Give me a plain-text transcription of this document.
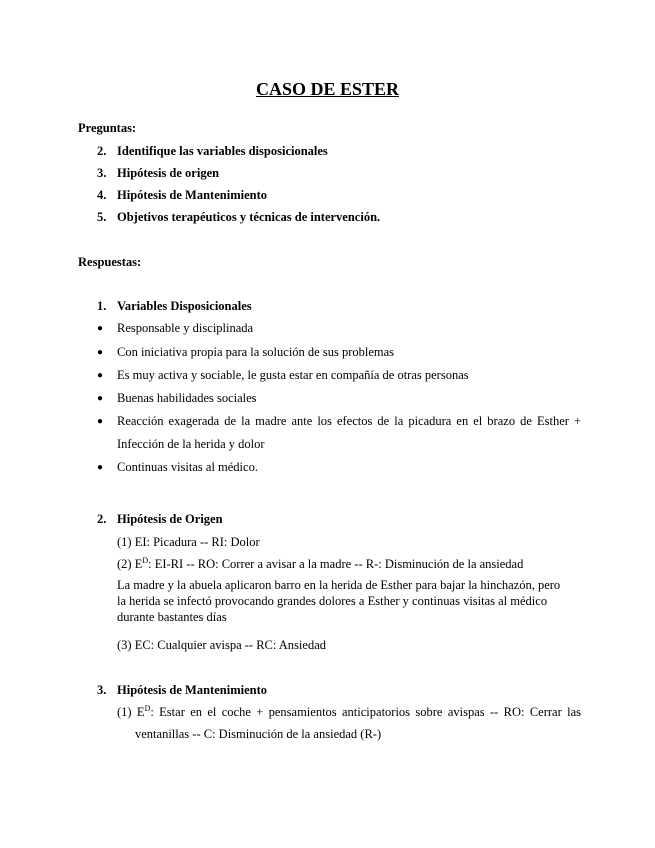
CASO DE ESTER
Preguntas:
2. Identifique las variables disposicionales
3. Hipótesis de origen
4. Hipótesis de Mantenimiento
5. Objetivos terapéuticos y técnicas de intervención.
Respuestas:
1. Variables Disposicionales
● Responsable y disciplinada
● Con iniciativa propia para la solución de sus problemas
● Es muy activa y sociable, le gusta estar en compañía de otras personas
● Buenas habilidades sociales
● Reacción exagerada de la madre ante los efectos de la picadura en el brazo de Esther +
Infección de la herida y dolor
● Continuas visitas al médico.
2. Hipótesis de Origen
(1) EI: Picadura -- RI: Dolor
(2) $E^D$: EI-RI -- RO: Correr a avisar a la madre -- R-: Disminución de la ansiedad
La madre y la abuela aplicaron barro en la herida de Esther para bajar la hinchazón, pero
la herida se infectó provocando grandes dolores a Esther y continuas visitas al médico
durante bastantes días
(3) EC: Cualquier avispa -- RC: Ansiedad
3. Hipótesis de Mantenimiento
(1) $E^D$: Estar en el coche + pensamientos anticipatorios sobre avispas -- RO: Cerrar las
ventanillas -- C: Disminución de la ansiedad (R-)
